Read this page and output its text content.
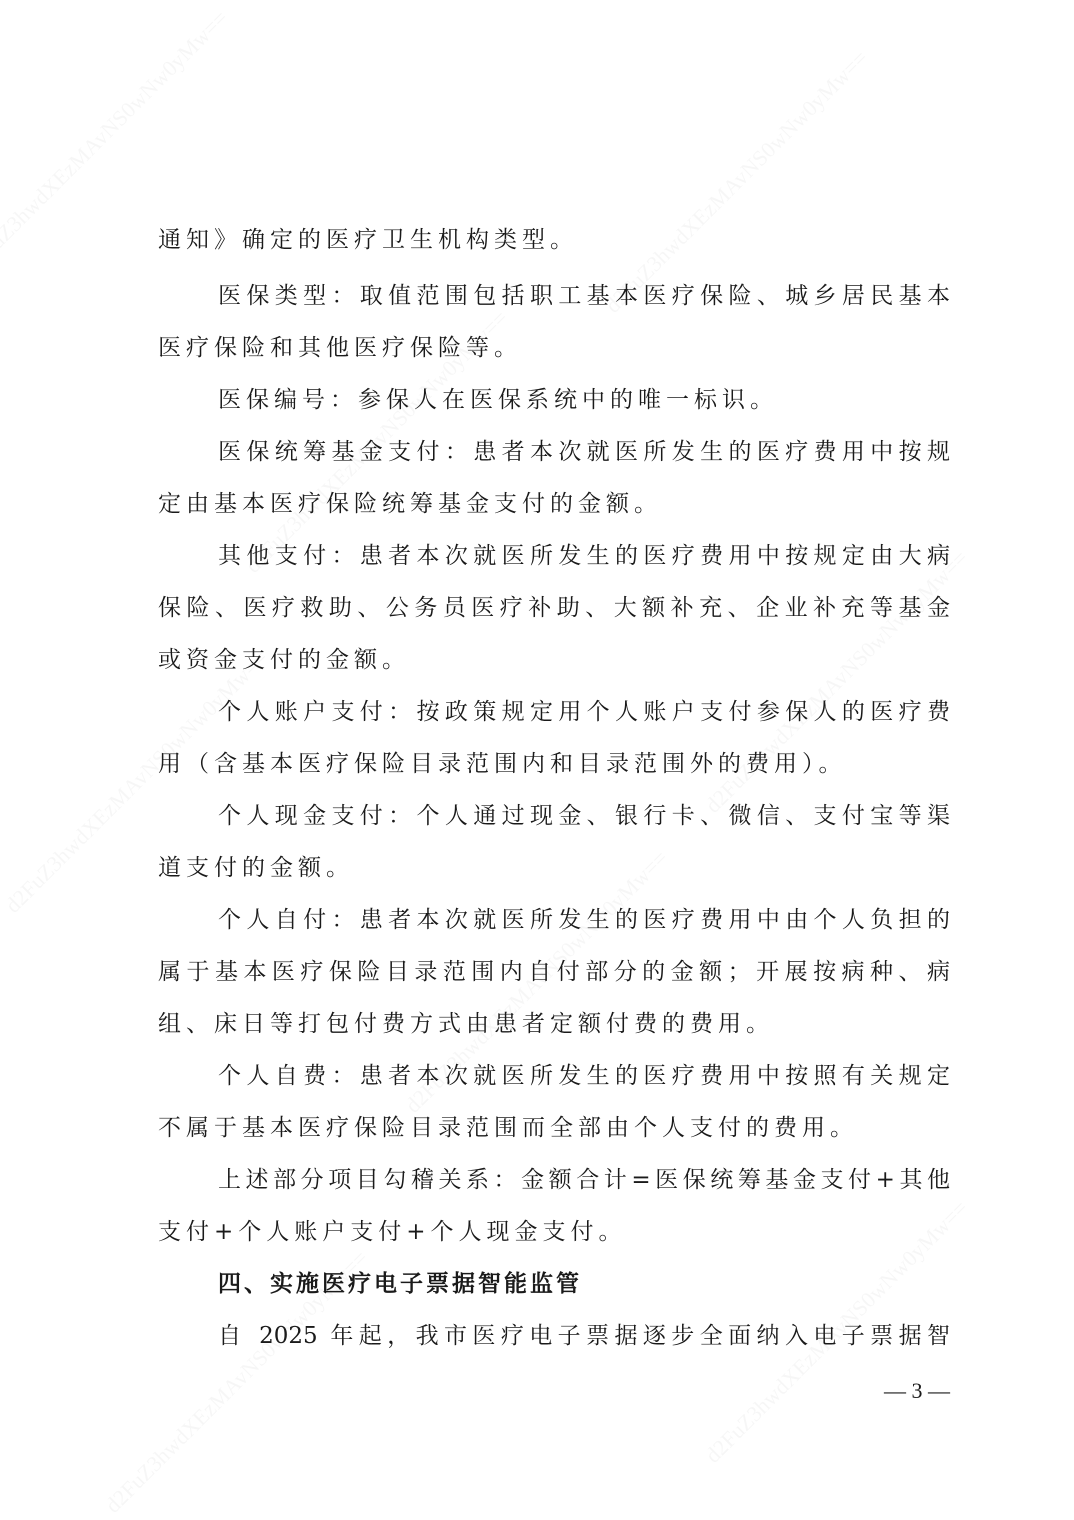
通知》确定的医疗卫生机构类型。
医保类型：取值范围包括职工基本医疗保险、城乡居民基本
医疗保险和其他医疗保险等。
医保编号：参保人在医保系统中的唯一标识。
医保统筹基金支付：患者本次就医所发生的医疗费用中按规
定由基本医疗保险统筹基金支付的金额。
其他支付：患者本次就医所发生的医疗费用中按规定由大病
保险、医疗救助、公务员医疗补助、大额补充、企业补充等基金
或资金支付的金额。
个人账户支付：按政策规定用个人账户支付参保人的医疗费
用（含基本医疗保险目录范围内和目录范围外的费用）。
个人现金支付：个人通过现金、银行卡、微信、支付宝等渠
道支付的金额。
个人自付：患者本次就医所发生的医疗费用中由个人负担的
属于基本医疗保险目录范围内自付部分的金额；开展按病种、病
组、床日等打包付费方式由患者定额付费的费用。
个人自费：患者本次就医所发生的医疗费用中按照有关规定
不属于基本医疗保险目录范围而全部由个人支付的费用。
上述部分项目勾稽关系：金额合计=医保统筹基金支付+其他
支付+个人账户支付+个人现金支付。
四、实施医疗电子票据智能监管
自 2025 年起，我市医疗电子票据逐步全面纳入电子票据智
— 3 —
